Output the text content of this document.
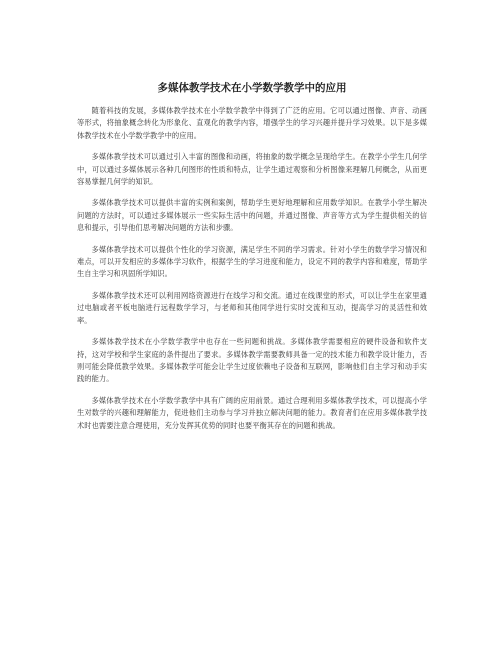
多媒体教学技术在小学数学教学中的应用

随着科技的发展，多媒体教学技术在小学数学教学中得到了广泛的应用。它可以通过图像、声音、动画等形式，将抽象概念转化为形象化、直观化的教学内容，增强学生的学习兴趣并提升学习效果。以下是多媒体教学技术在小学数学教学中的应用。

多媒体教学技术可以通过引入丰富的图像和动画，将抽象的数学概念呈现给学生。在教学小学生几何学中，可以通过多媒体展示各种几何图形的性质和特点，让学生通过观察和分析图像来理解几何概念，从而更容易掌握几何学的知识。

多媒体教学技术可以提供丰富的实例和案例，帮助学生更好地理解和应用数学知识。在教学小学生解决问题的方法时，可以通过多媒体展示一些实际生活中的问题，并通过图像、声音等方式为学生提供相关的信息和提示，引导他们思考解决问题的方法和步骤。

多媒体教学技术可以提供个性化的学习资源，满足学生不同的学习需求。针对小学生的数学学习情况和难点，可以开发相应的多媒体学习软件，根据学生的学习进度和能力，设定不同的教学内容和难度，帮助学生自主学习和巩固所学知识。

多媒体教学技术还可以利用网络资源进行在线学习和交流。通过在线课堂的形式，可以让学生在家里通过电脑或者平板电脑进行远程数学学习，与老师和其他同学进行实时交流和互动，提高学习的灵活性和效率。

多媒体教学技术在小学数学教学中也存在一些问题和挑战。多媒体教学需要相应的硬件设备和软件支持，这对学校和学生家庭的条件提出了要求。多媒体教学需要教师具备一定的技术能力和教学设计能力，否则可能会降低教学效果。多媒体教学可能会让学生过度依赖电子设备和互联网，影响他们自主学习和动手实践的能力。

多媒体教学技术在小学数学教学中具有广阔的应用前景。通过合理利用多媒体教学技术，可以提高小学生对数学的兴趣和理解能力，促进他们主动参与学习并独立解决问题的能力。教育者们在应用多媒体教学技术时也需要注意合理使用，充分发挥其优势的同时也要平衡其存在的问题和挑战。
